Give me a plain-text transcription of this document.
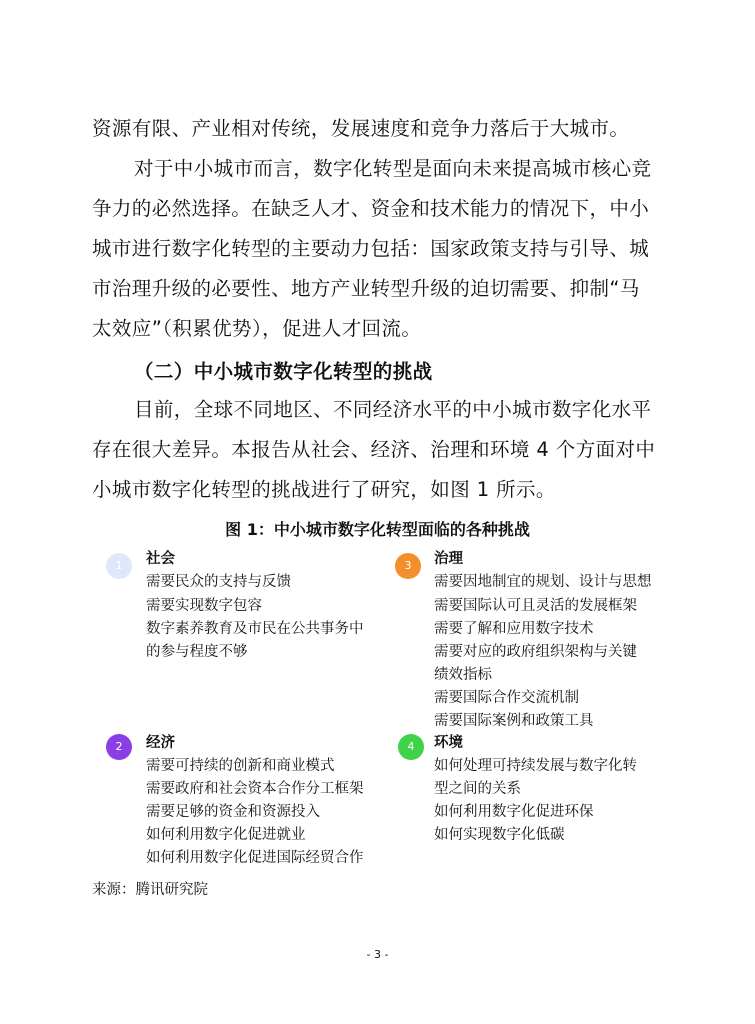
资源有限、产业相对传统，发展速度和竞争力落后于大城市。
对于中小城市而言，数字化转型是面向未来提高城市核心竞
争力的必然选择。在缺乏人才、资金和技术能力的情况下，中小
城市进行数字化转型的主要动力包括：国家政策支持与引导、城
市治理升级的必要性、地方产业转型升级的迫切需要、抑制“马
太效应”（积累优势），促进人才回流。
（二）中小城市数字化转型的挑战
目前，全球不同地区、不同经济水平的中小城市数字化水平
存在很大差异。本报告从社会、经济、治理和环境 4 个方面对中
小城市数字化转型的挑战进行了研究，如图 1 所示。
图 1：中小城市数字化转型面临的各种挑战
1	社会
需要民众的支持与反馈
需要实现数字包容
数字素养教育及市民在公共事务中
的参与程度不够
3	治理
需要因地制宜的规划、设计与思想
需要国际认可且灵活的发展框架
需要了解和应用数字技术
需要对应的政府组织架构与关键
绩效指标
需要国际合作交流机制
需要国际案例和政策工具
2	经济
需要可持续的创新和商业模式
需要政府和社会资本合作分工框架
需要足够的资金和资源投入
如何利用数字化促进就业
如何利用数字化促进国际经贸合作
4	环境
如何处理可持续发展与数字化转
型之间的关系
如何利用数字化促进环保
如何实现数字化低碳
来源：腾讯研究院
- 3 -
